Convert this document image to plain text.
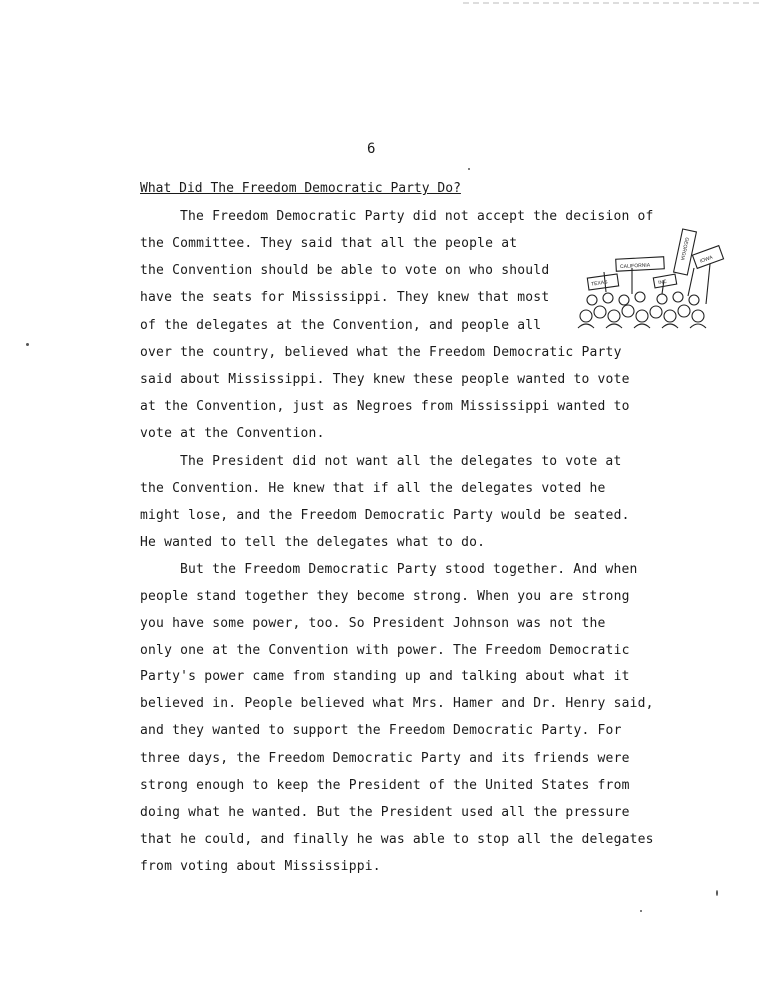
6
What Did The Freedom Democratic Party Do?
The Freedom Democratic Party did not accept the decision of
the Committee. They said that all the people at
the Convention should be able to vote on who should
have the seats for Mississippi. They knew that most
of the delegates at the Convention, and people all
over the country, believed what the Freedom Democratic Party
said about Mississippi. They knew these people wanted to vote
at the Convention, just as Negroes from Mississippi wanted to
vote at the Convention.
The President did not want all the delegates to vote at
the Convention. He knew that if all the delegates voted he
might lose, and the Freedom Democratic Party would be seated.
He wanted to tell the delegates what to do.
But the Freedom Democratic Party stood together. And when
people stand together they become strong. When you are strong
you have some power, too. So President Johnson was not the
only one at the Convention with power. The Freedom Democratic
Party's power came from standing up and talking about what it
believed in. People believed what Mrs. Hamer and Dr. Henry said,
and they wanted to support the Freedom Democratic Party. For
three days, the Freedom Democratic Party and its friends were
strong enough to keep the President of the United States from
doing what he wanted. But the President used all the pressure
that he could, and finally he was able to stop all the delegates
from voting about Mississippi.
CALIFORNIA
TEXAS	INC
IOWA
GEORGIA
